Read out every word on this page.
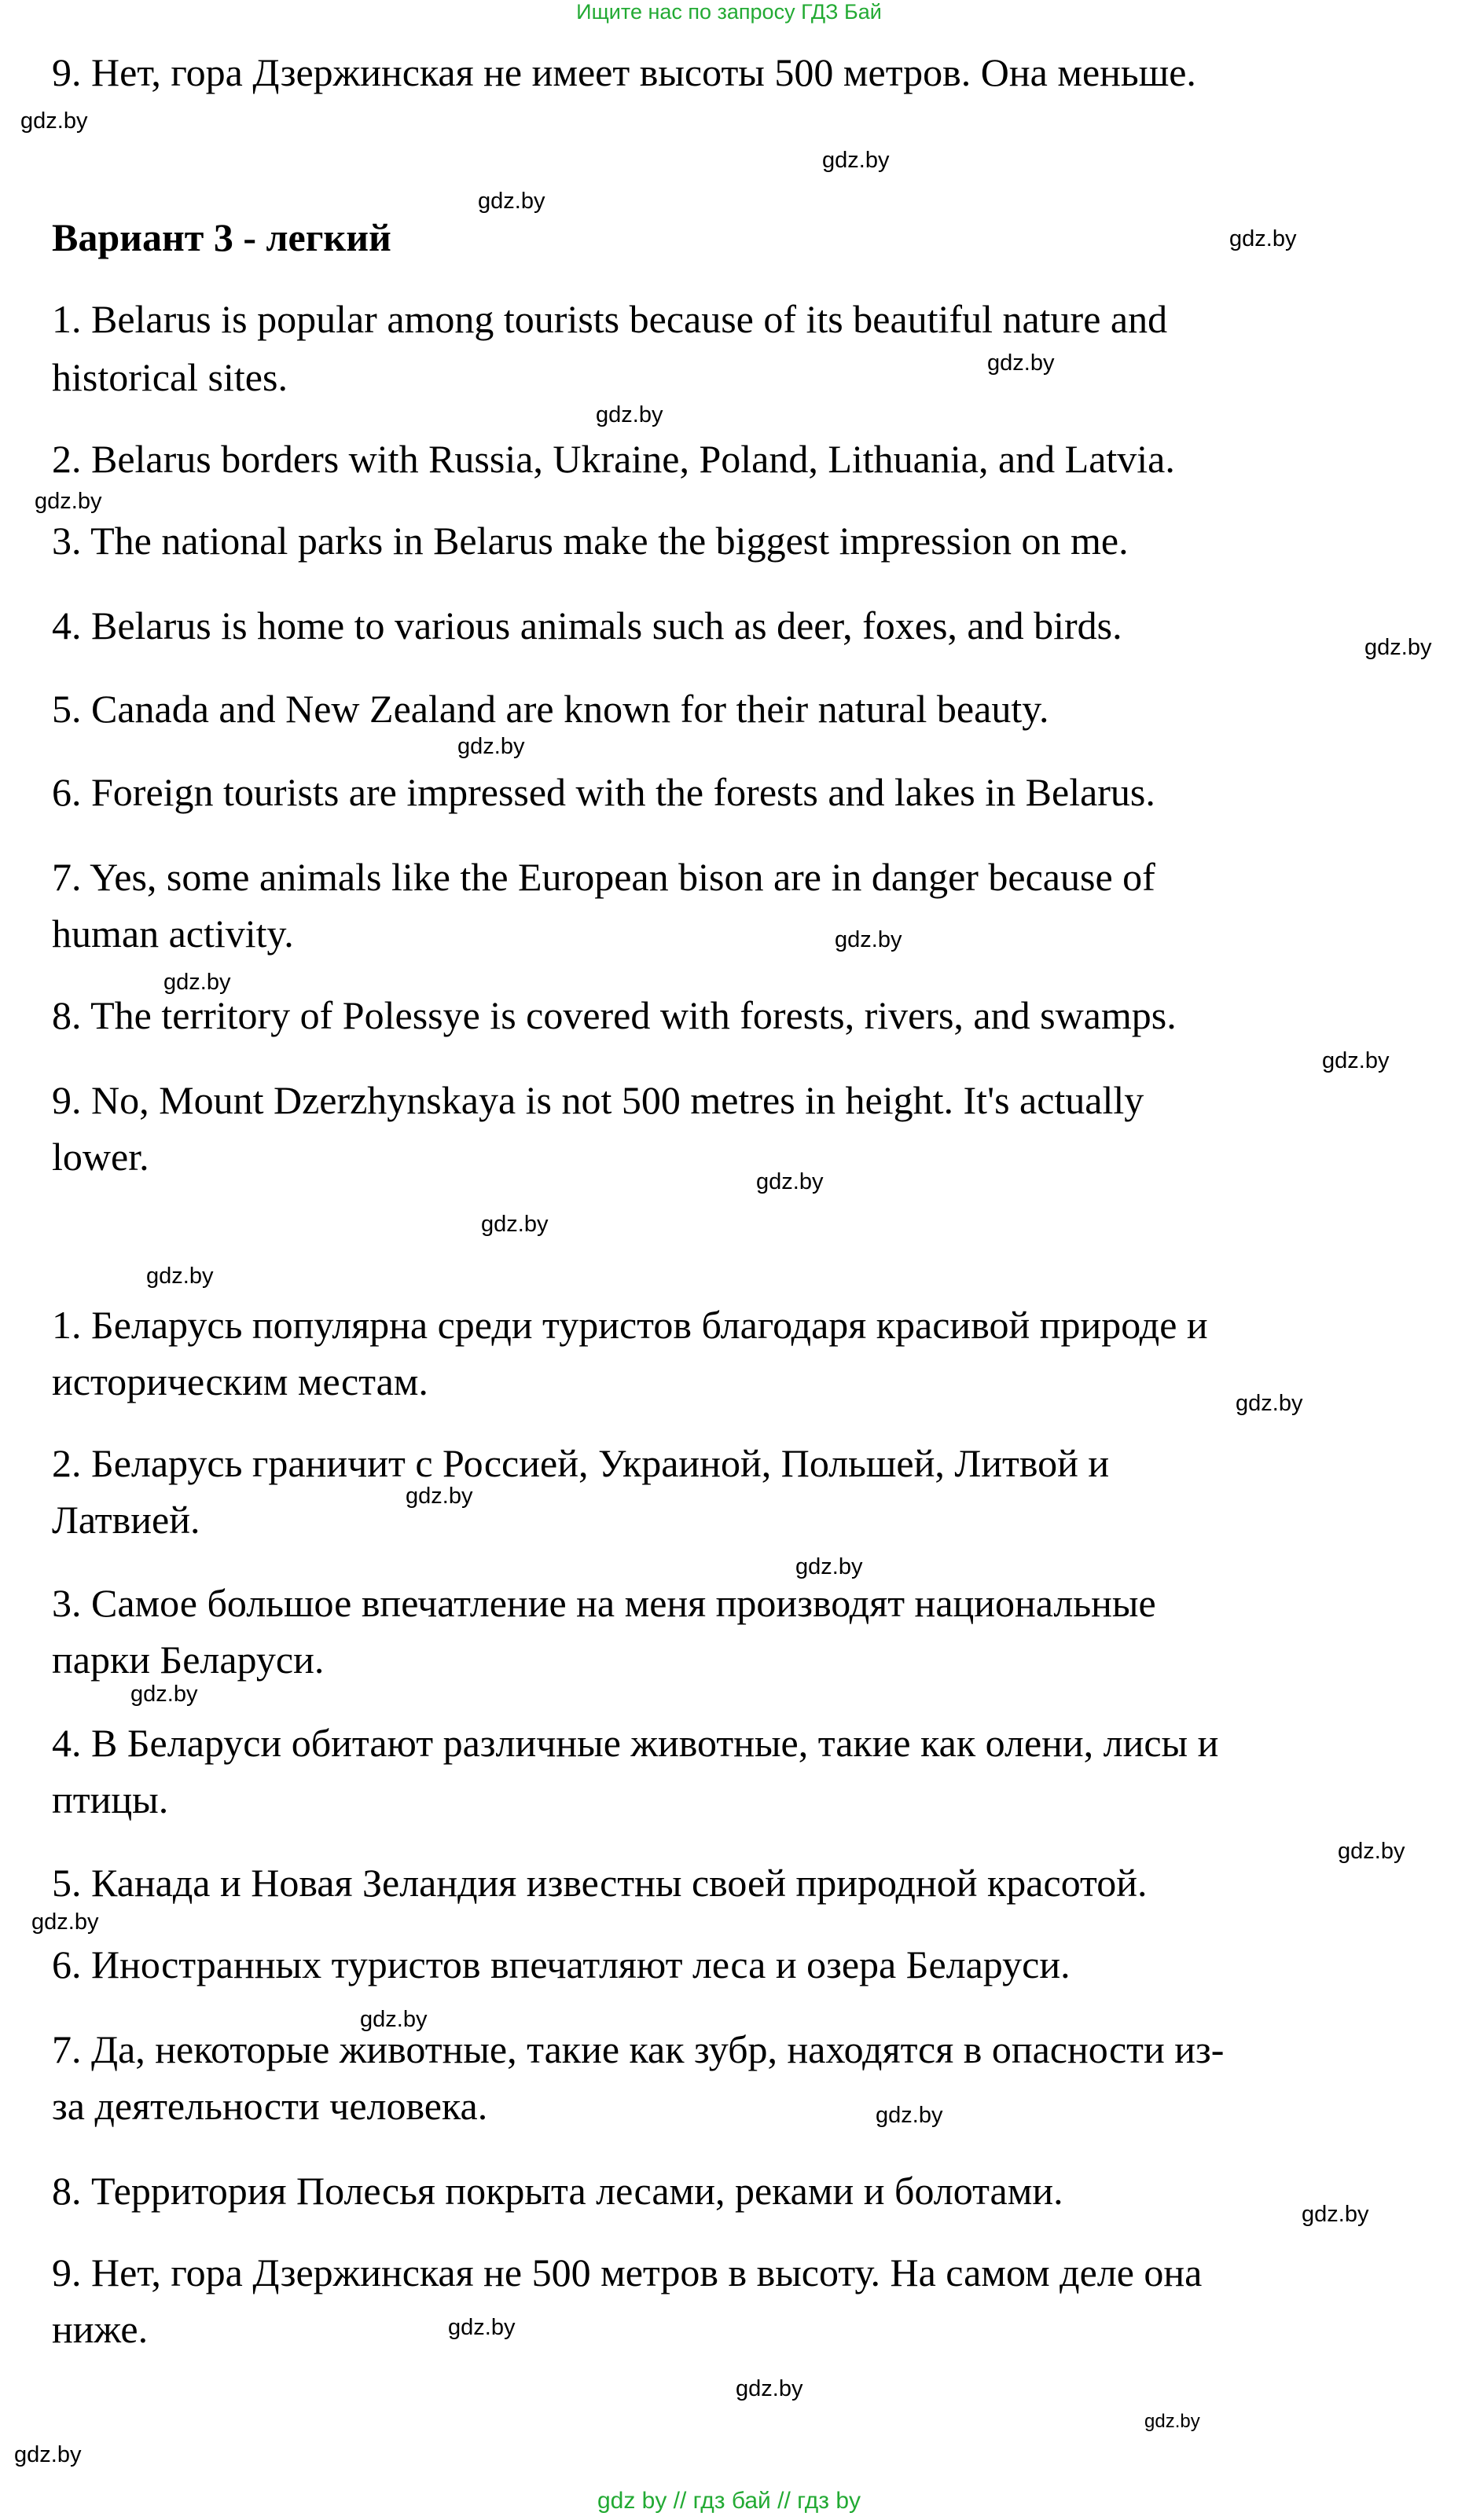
Ищите нас по запросу ГДЗ Бай
9. Нет, гора Дзержинская не имеет высоты 500 метров. Она меньше.
Вариант 3 - легкий
1. Belarus is popular among tourists because of its beautiful nature and
historical sites.
2. Belarus borders with Russia, Ukraine, Poland, Lithuania, and Latvia.
3. The national parks in Belarus make the biggest impression on me.
4. Belarus is home to various animals such as deer, foxes, and birds.
5. Canada and New Zealand are known for their natural beauty.
6. Foreign tourists are impressed with the forests and lakes in Belarus.
7. Yes, some animals like the European bison are in danger because of
human activity.
8. The territory of Polessye is covered with forests, rivers, and swamps.
9. No, Mount Dzerzhynskaya is not 500 metres in height. It's actually
lower.
1. Беларусь популярна среди туристов благодаря красивой природе и
историческим местам.
2. Беларусь граничит с Россией, Украиной, Польшей, Литвой и
Латвией.
3. Самое большое впечатление на меня производят национальные
парки Беларуси.
4. В Беларуси обитают различные животные, такие как олени, лисы и
птицы.
5. Канада и Новая Зеландия известны своей природной красотой.
6. Иностранных туристов впечатляют леса и озера Беларуси.
7. Да, некоторые животные, такие как зубр, находятся в опасности из-
за деятельности человека.
8. Территория Полесья покрыта лесами, реками и болотами.
9. Нет, гора Дзержинская не 500 метров в высоту. На самом деле она
ниже.
gdz.by
gdz.by
gdz.by
gdz.by
gdz.by
gdz.by
gdz.by
gdz.by
gdz.by
gdz.by
gdz.by
gdz.by
gdz.by
gdz.by
gdz.by
gdz.by
gdz.by
gdz.by
gdz.by
gdz.by
gdz.by
gdz.by
gdz.by
gdz.by
gdz.by
gdz.by
gdz.by
gdz.by
gdz by // гдз бай // гдз by
